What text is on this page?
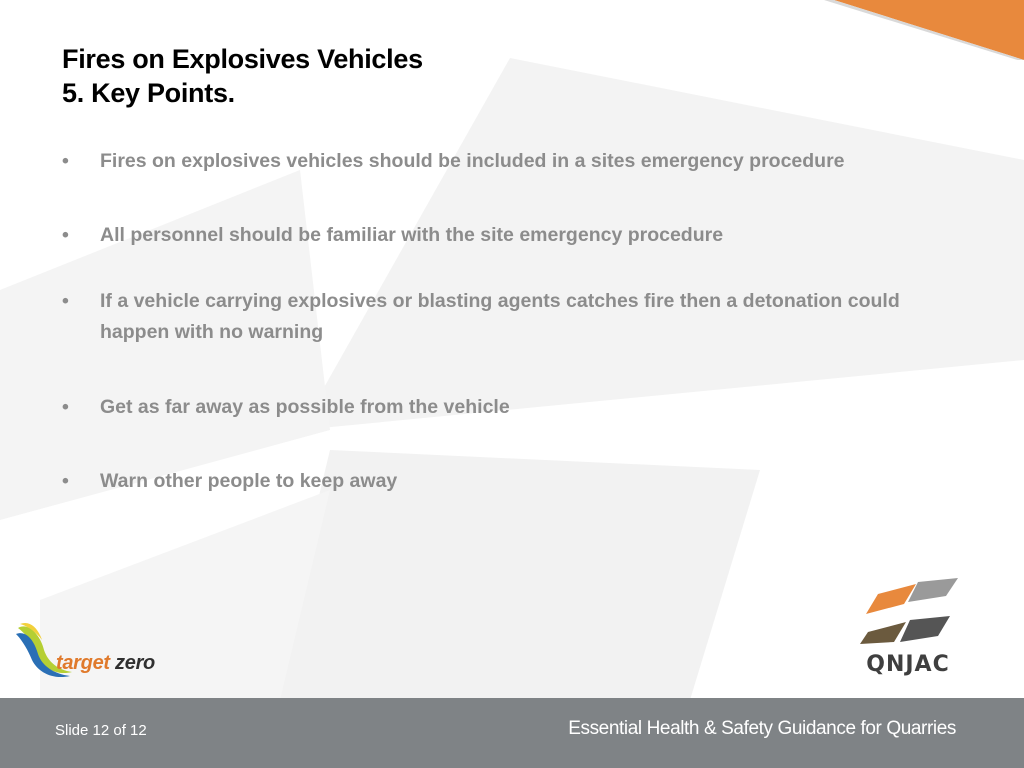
Fires on Explosives Vehicles
5. Key Points.
•	Fires on explosives vehicles should be included in a sites emergency procedure
•	All personnel should be familiar with the site emergency procedure
•	If a vehicle carrying explosives or blasting agents catches fire then a detonation could happen with no warning
•	Get as far away as possible from the vehicle
•	Warn other people to keep away
target zero	QNJAC
Slide 12 of 12	Essential Health & Safety Guidance for Quarries
